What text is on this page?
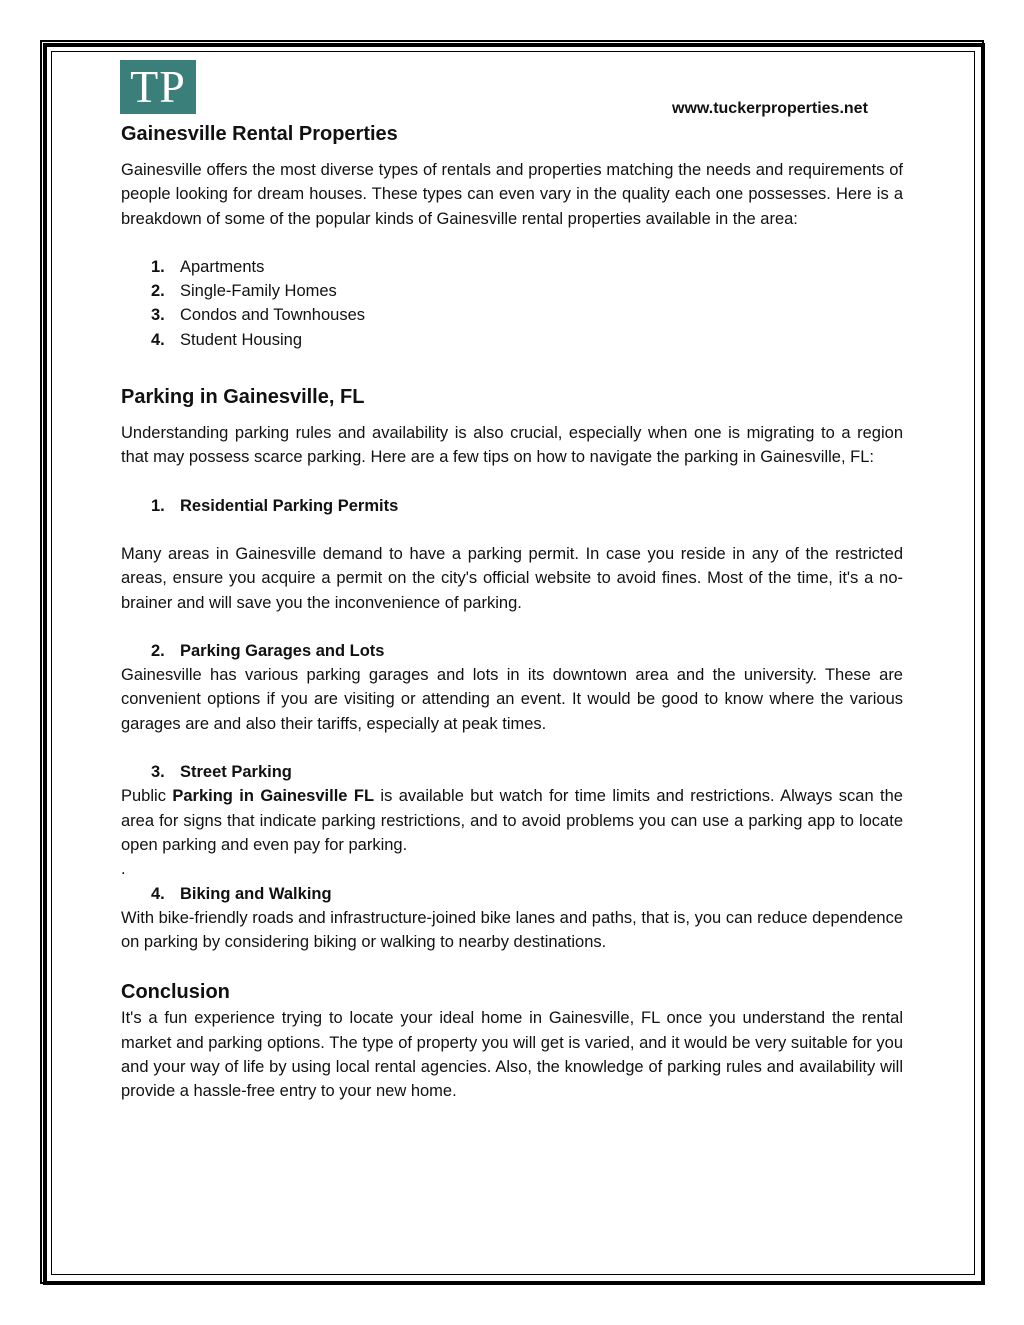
TP	www.tuckerproperties.net
Gainesville Rental Properties

Gainesville offers the most diverse types of rentals and properties matching the needs and requirements of people looking for dream houses. These types can even vary in the quality each one possesses. Here is a breakdown of some of the popular kinds of Gainesville rental properties available in the area:

1. Apartments
2. Single-Family Homes
3. Condos and Townhouses
4. Student Housing
Parking in Gainesville, FL

Understanding parking rules and availability is also crucial, especially when one is migrating to a region that may possess scarce parking. Here are a few tips on how to navigate the parking in Gainesville, FL:

1. Residential Parking Permits

Many areas in Gainesville demand to have a parking permit. In case you reside in any of the restricted areas, ensure you acquire a permit on the city's official website to avoid fines. Most of the time, it's a no-brainer and will save you the inconvenience of parking.

2. Parking Garages and Lots

Gainesville has various parking garages and lots in its downtown area and the university. These are convenient options if you are visiting or attending an event. It would be good to know where the various garages are and also their tariffs, especially at peak times.

3. Street Parking

Public Parking in Gainesville FL is available but watch for time limits and restrictions. Always scan the area for signs that indicate parking restrictions, and to avoid problems you can use a parking app to locate open parking and even pay for parking.

.
4. Biking and Walking

With bike-friendly roads and infrastructure-joined bike lanes and paths, that is, you can reduce dependence on parking by considering biking or walking to nearby destinations.

Conclusion

It's a fun experience trying to locate your ideal home in Gainesville, FL once you understand the rental market and parking options. The type of property you will get is varied, and it would be very suitable for you and your way of life by using local rental agencies. Also, the knowledge of parking rules and availability will provide a hassle-free entry to your new home.
